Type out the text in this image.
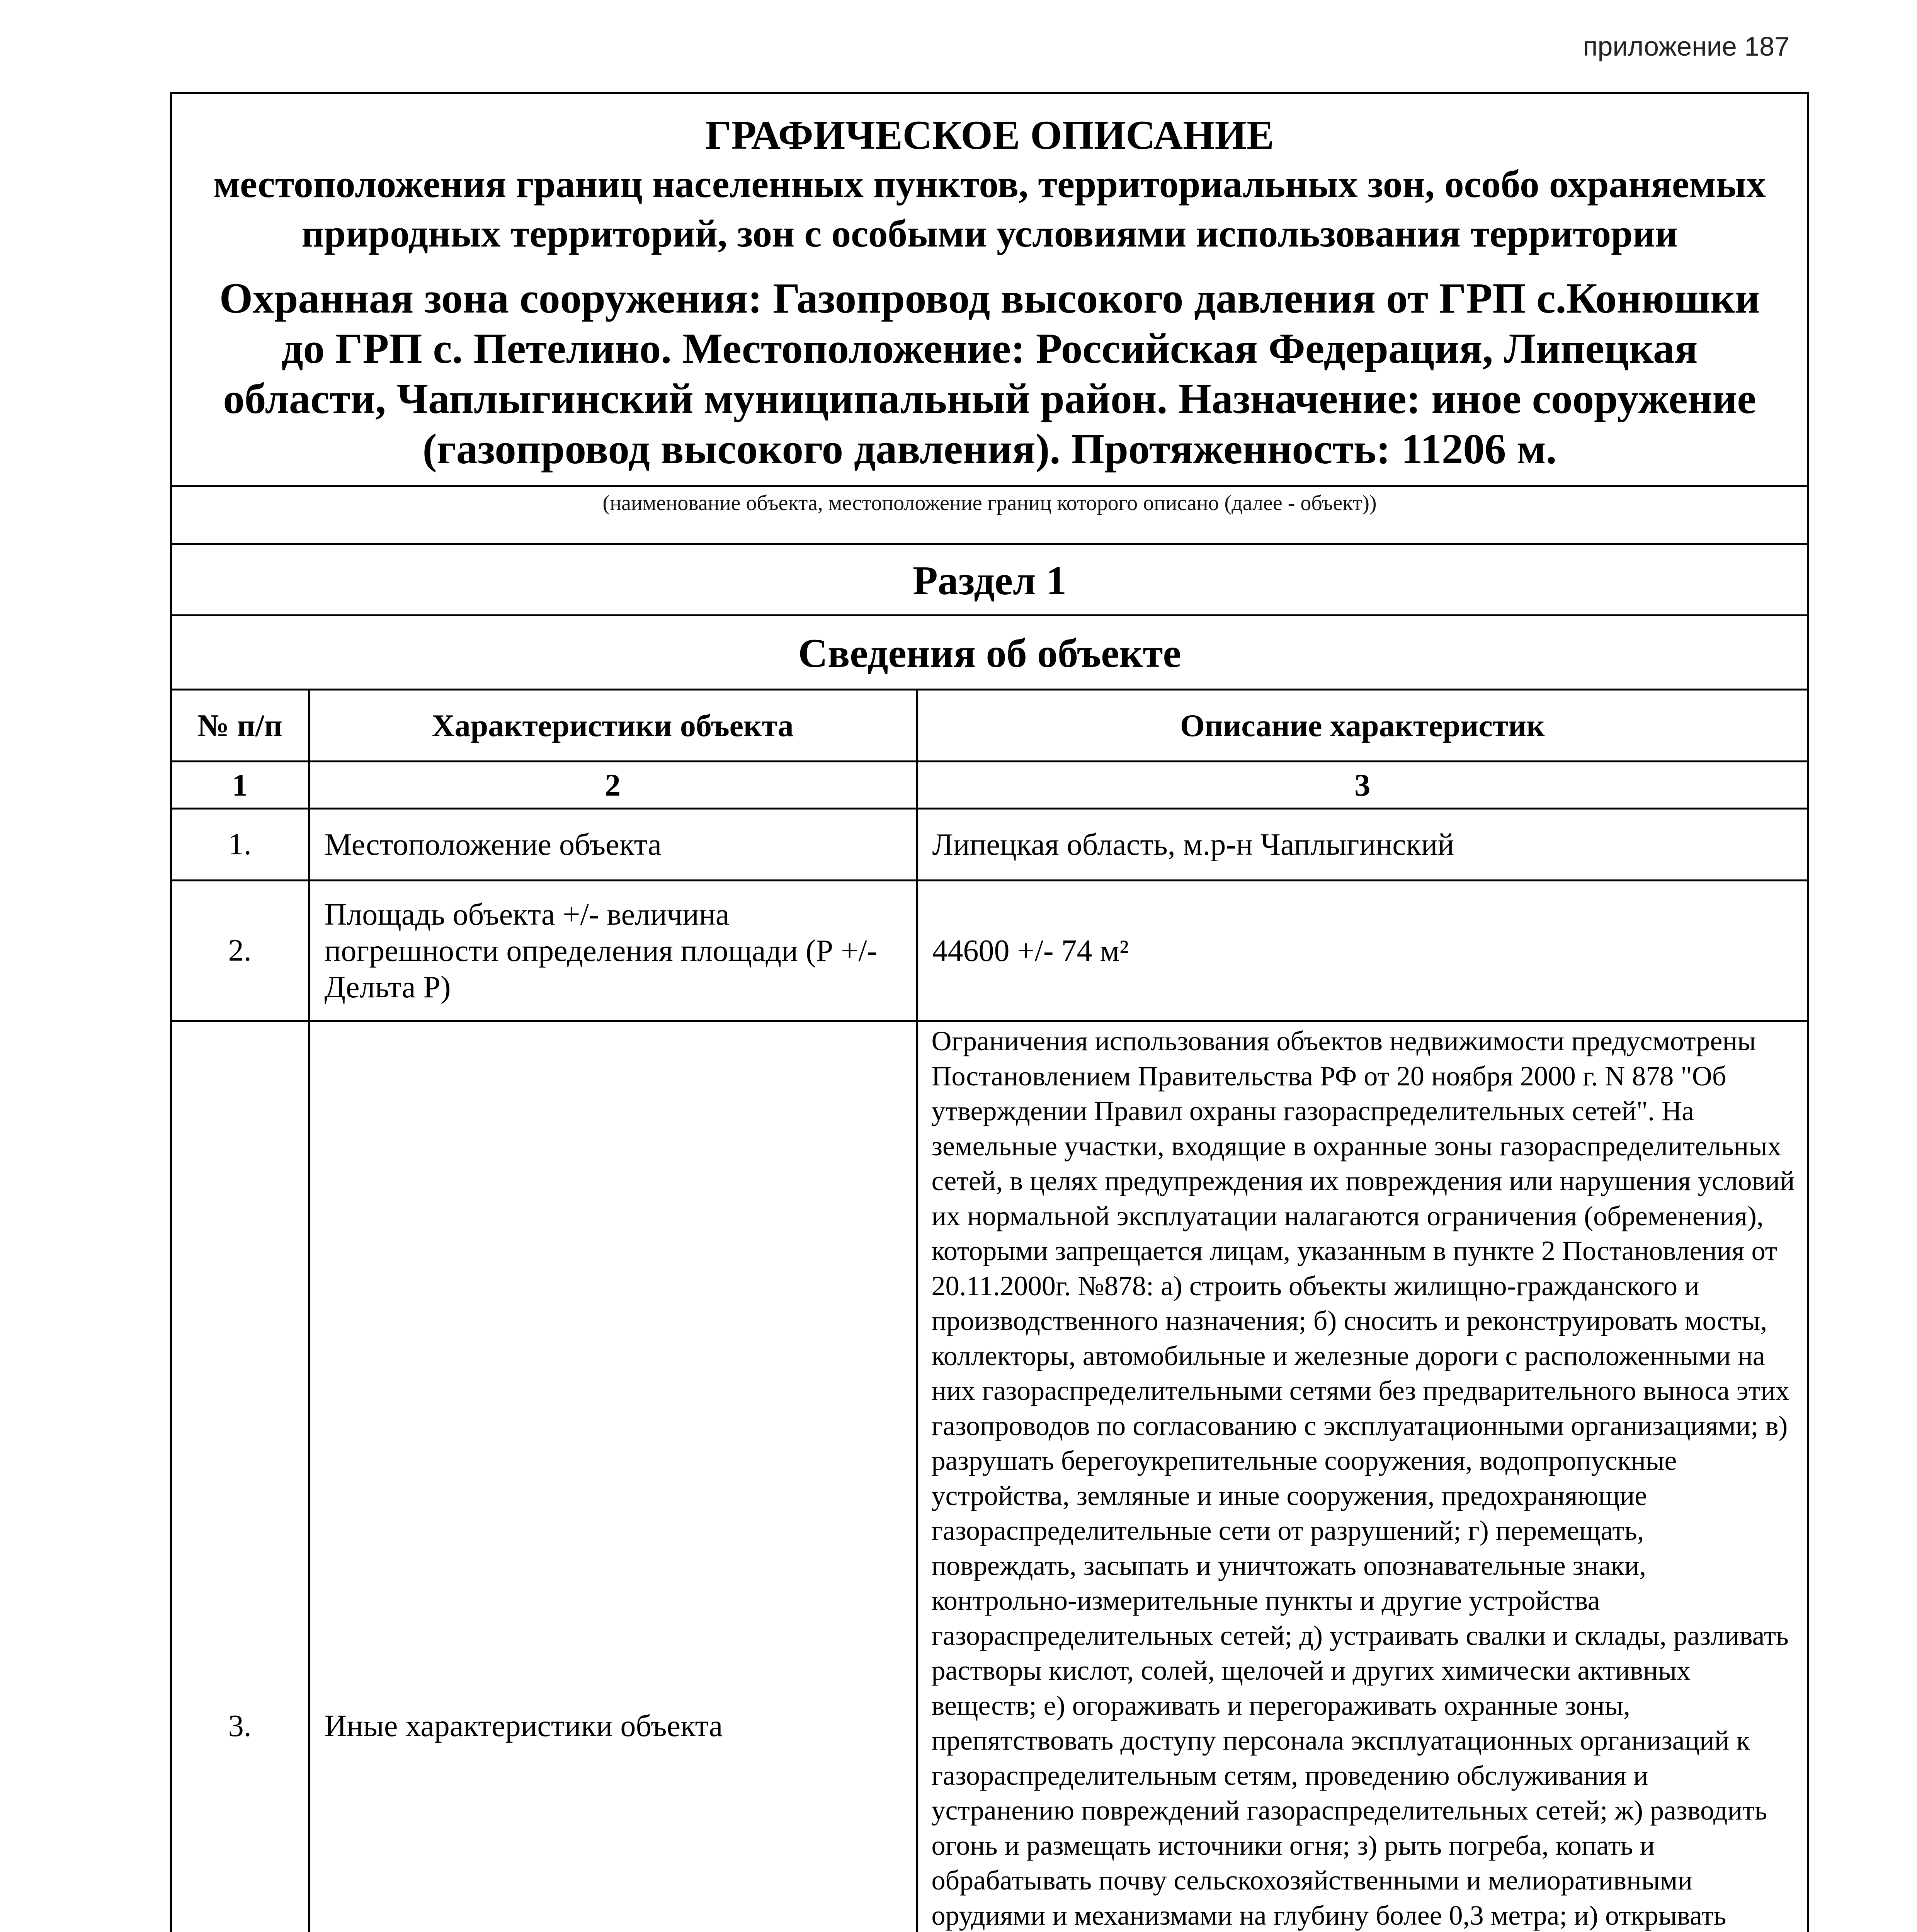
приложение 187
ГРАФИЧЕСКОЕ ОПИСАНИЕ
местоположения границ населенных пунктов, территориальных зон, особо охраняемых природных территорий, зон с особыми условиями использования территории
Охранная зона сооружения: Газопровод высокого давления от ГРП с.Конюшки до ГРП с. Петелино. Местоположение: Российская Федерация, Липецкая области, Чаплыгинский муниципальный район. Назначение: иное сооружение (газопровод высокого давления). Протяженность: 11206 м.
(наименование объекта, местоположение границ которого описано (далее - объект))
Раздел 1
Сведения об объекте
№ п/п	Характеристики объекта	Описание характеристик
1	2	3
1.	Местоположение объекта	Липецкая область, м.р-н Чаплыгинский
2.	Площадь объекта +/- величина погрешности определения площади (Р +/- Дельта Р)	44600 +/- 74 м²
3.	Иные характеристики объекта	Ограничения использования объектов недвижимости предусмотрены Постановлением Правительства РФ от 20 ноября 2000 г. N 878 "Об утверждении Правил охраны газораспределительных сетей". На земельные участки, входящие в охранные зоны газораспределительных сетей, в целях предупреждения их повреждения или нарушения условий их нормальной эксплуатации налагаются ограничения (обременения), которыми запрещается лицам, указанным в пункте 2 Постановления от 20.11.2000г. №878: а) строить объекты жилищно-гражданского и производственного назначения; б) сносить и реконструировать мосты, коллекторы, автомобильные и железные дороги с расположенными на них газораспределительными сетями без предварительного выноса этих газопроводов по согласованию с эксплуатационными организациями; в) разрушать берегоукрепительные сооружения, водопропускные устройства, земляные и иные сооружения, предохраняющие газораспределительные сети от разрушений; г) перемещать, повреждать, засыпать и уничтожать опознавательные знаки, контрольно-измерительные пункты и другие устройства газораспределительных сетей; д) устраивать свалки и склады, разливать растворы кислот, солей, щелочей и других химически активных веществ; е) огораживать и перегораживать охранные зоны, препятствовать доступу персонала эксплуатационных организаций к газораспределительным сетям, проведению обслуживания и устранению повреждений газораспределительных сетей; ж) разводить огонь и размещать источники огня; з) рыть погреба, копать и обрабатывать почву сельскохозяйственными и мелиоративными орудиями и механизмами на глубину более 0,3 метра; и) открывать
